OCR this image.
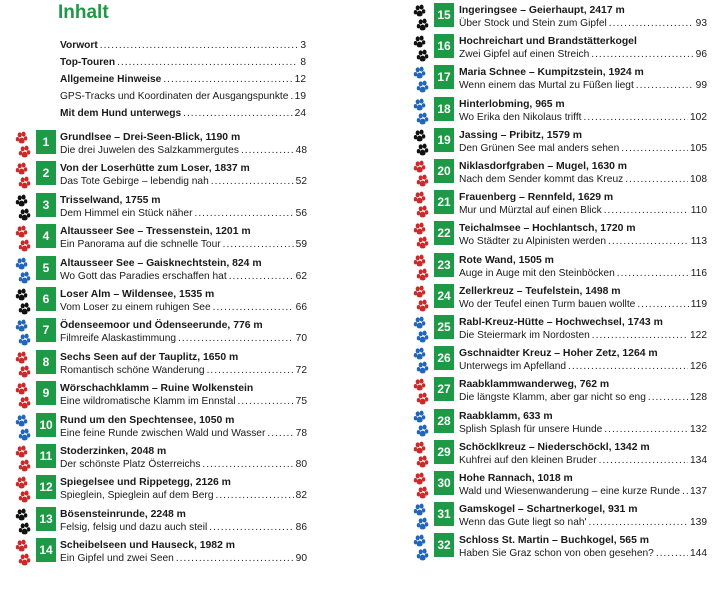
Inhalt
Vorwort .....	3
Top-Touren .....	8
Allgemeine Hinweise .....	12
GPS-Tracks und Koordinaten der Ausgangspunkte ..... 19
Mit dem Hund unterwegs .....	24
1	Grundlsee – Drei-Seen-Blick, 1190 m
Die drei Juwelen des Salzkammergutes .....	48
2	Von der Loserhütte zum Loser, 1837 m
Das Tote Gebirge – lebendig nah .....	52
3	Trisselwand, 1755 m
Dem Himmel ein Stück näher .....	56
4	Altausseer See – Tressenstein, 1201 m
Ein Panorama auf die schnelle Tour .....	59
5	Altausseer See – Gaisknechtstein, 824 m
Wo Gott das Paradies erschaffen hat .....	62
6	Loser Alm – Wildensee, 1535 m
Vom Loser zu einem ruhigen See .....	66
7	Ödenseemoor und Ödenseerunde, 776 m
Filmreife Alaskastimmung .....	70
8	Sechs Seen auf der Tauplitz, 1650 m
Romantisch schöne Wanderung .....	72
9	Wörschachklamm – Ruine Wolkenstein
Eine wildromatische Klamm im Ennstal .....	75
10 Rund um den Spechtensee, 1050 m
Eine feine Runde zwischen Wald und Wasser .....	78
11 Stoderzinken, 2048 m
Der schönste Platz Österreichs .....	80
12 Spiegelsee und Rippetegg, 2126 m
Spieglein, Spieglein auf dem Berg .....	82
13 Bösensteinrunde, 2248 m
Felsig, felsig und dazu auch steil .....	86
14 Scheibelseen und Hauseck, 1982 m
Ein Gipfel und zwei Seen .....	90
15 Ingeringsee – Geierhaupt, 2417 m
Über Stock und Stein zum Gipfel .....	93
16 Hochreichart und Brandstätterkogel
Zwei Gipfel auf einen Streich .....	96
17 Maria Schnee – Kumpitzstein, 1924 m
Wenn einem das Murtal zu Füßen liegt .....	99
18 Hinterlobming, 965 m
Wo Erika den Nikolaus trifft .....	102
19 Jassing – Pribitz, 1579 m
Den Grünen See mal anders sehen .....	105
20 Niklasdorfgraben – Mugel, 1630 m
Nach dem Sender kommt das Kreuz .....	108
21 Frauenberg – Rennfeld, 1629 m
Mur und Mürztal auf einen Blick .....	110
22 Teichalmsee – Hochlantsch, 1720 m
Wo Städter zu Alpinisten werden .....	113
23 Rote Wand, 1505 m
Auge in Auge mit den Steinböcken .....	116
24 Zellerkreuz – Teufelstein, 1498 m
Wo der Teufel einen Turm bauen wollte .....	119
25 Rabl-Kreuz-Hütte – Hochwechsel, 1743 m
Die Steiermark im Nordosten .....	122
26 Gschnaidter Kreuz – Hoher Zetz, 1264 m
Unterwegs im Apfelland .....	126
27 Raabklammwanderweg, 762 m
Die längste Klamm, aber gar nicht so eng .....	128
28 Raabklamm, 633 m
Splish Splash für unsere Hunde .....	132
29 Schöcklkreuz – Niederschöckl, 1342 m
Kuhfrei auf den kleinen Bruder .....	134
30 Hohe Rannach, 1018 m
Wald und Wiesenwanderung – eine kurze Runde ..... 137
31 Gamskogel – Schartnerkogel, 931 m
Wenn das Gute liegt so nah' .....	139
32 Schloss St. Martin – Buchkogel, 565 m
Haben Sie Graz schon von oben gesehen? .....	144
